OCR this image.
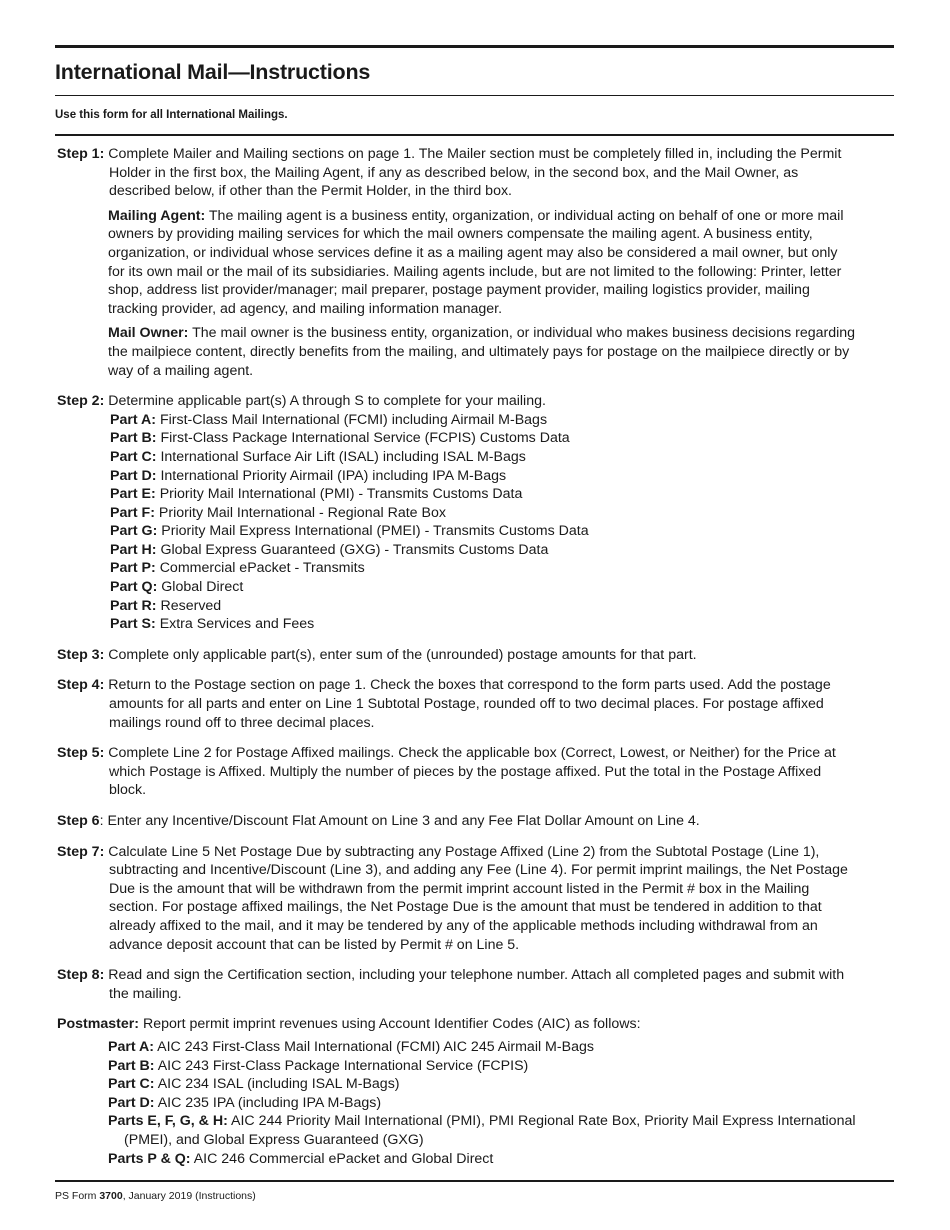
International Mail—Instructions
Use this form for all International Mailings.

Step 1: Complete Mailer and Mailing sections on page 1. The Mailer section must be completely filled in, including the Permit Holder in the first box, the Mailing Agent, if any as described below, in the second box, and the Mail Owner, as described below, if other than the Permit Holder, in the third box.

Mailing Agent: The mailing agent is a business entity, organization, or individual acting on behalf of one or more mail owners by providing mailing services for which the mail owners compensate the mailing agent. A business entity, organization, or individual whose services define it as a mailing agent may also be considered a mail owner, but only for its own mail or the mail of its subsidiaries. Mailing agents include, but are not limited to the following: Printer, letter shop, address list provider/manager; mail preparer, postage payment provider, mailing logistics provider, mailing tracking provider, ad agency, and mailing information manager.

Mail Owner: The mail owner is the business entity, organization, or individual who makes business decisions regarding the mailpiece content, directly benefits from the mailing, and ultimately pays for postage on the mailpiece directly or by way of a mailing agent.

Step 2: Determine applicable part(s) A through S to complete for your mailing.

Part A: First-Class Mail International (FCMI) including Airmail M-Bags

Part B: First-Class Package International Service (FCPIS) Customs Data

Part C: International Surface Air Lift (ISAL) including ISAL M-Bags

Part D: International Priority Airmail (IPA) including IPA M-Bags

Part E: Priority Mail International (PMI) - Transmits Customs Data

Part F: Priority Mail International - Regional Rate Box

Part G: Priority Mail Express International (PMEI) - Transmits Customs Data

Part H: Global Express Guaranteed (GXG) - Transmits Customs Data

Part P: Commercial ePacket - Transmits

Part Q: Global Direct

Part R: Reserved

Part S: Extra Services and Fees

Step 3: Complete only applicable part(s), enter sum of the (unrounded) postage amounts for that part.

Step 4: Return to the Postage section on page 1. Check the boxes that correspond to the form parts used. Add the postage amounts for all parts and enter on Line 1 Subtotal Postage, rounded off to two decimal places. For postage affixed mailings round off to three decimal places.

Step 5: Complete Line 2 for Postage Affixed mailings. Check the applicable box (Correct, Lowest, or Neither) for the Price at which Postage is Affixed. Multiply the number of pieces by the postage affixed. Put the total in the Postage Affixed block.

Step 6: Enter any Incentive/Discount Flat Amount on Line 3 and any Fee Flat Dollar Amount on Line 4.

Step 7: Calculate Line 5 Net Postage Due by subtracting any Postage Affixed (Line 2) from the Subtotal Postage (Line 1), subtracting and Incentive/Discount (Line 3), and adding any Fee (Line 4). For permit imprint mailings, the Net Postage Due is the amount that will be withdrawn from the permit imprint account listed in the Permit # box in the Mailing section. For postage affixed mailings, the Net Postage Due is the amount that must be tendered in addition to that already affixed to the mail, and it may be tendered by any of the applicable methods including withdrawal from an advance deposit account that can be listed by Permit # on Line 5.

Step 8: Read and sign the Certification section, including your telephone number. Attach all completed pages and submit with the mailing.

Postmaster: Report permit imprint revenues using Account Identifier Codes (AIC) as follows:

Part A: AIC 243 First-Class Mail International (FCMI) AIC 245 Airmail M-Bags

Part B: AIC 243 First-Class Package International Service (FCPIS)

Part C: AIC 234 ISAL (including ISAL M-Bags)

Part D: AIC 235 IPA (including IPA M-Bags)

Parts E, F, G, & H: AIC 244 Priority Mail International (PMI), PMI Regional Rate Box, Priority Mail Express International (PMEI), and Global Express Guaranteed (GXG)

Parts P & Q: AIC 246 Commercial ePacket and Global Direct

PS Form 3700, January 2019 (Instructions)
